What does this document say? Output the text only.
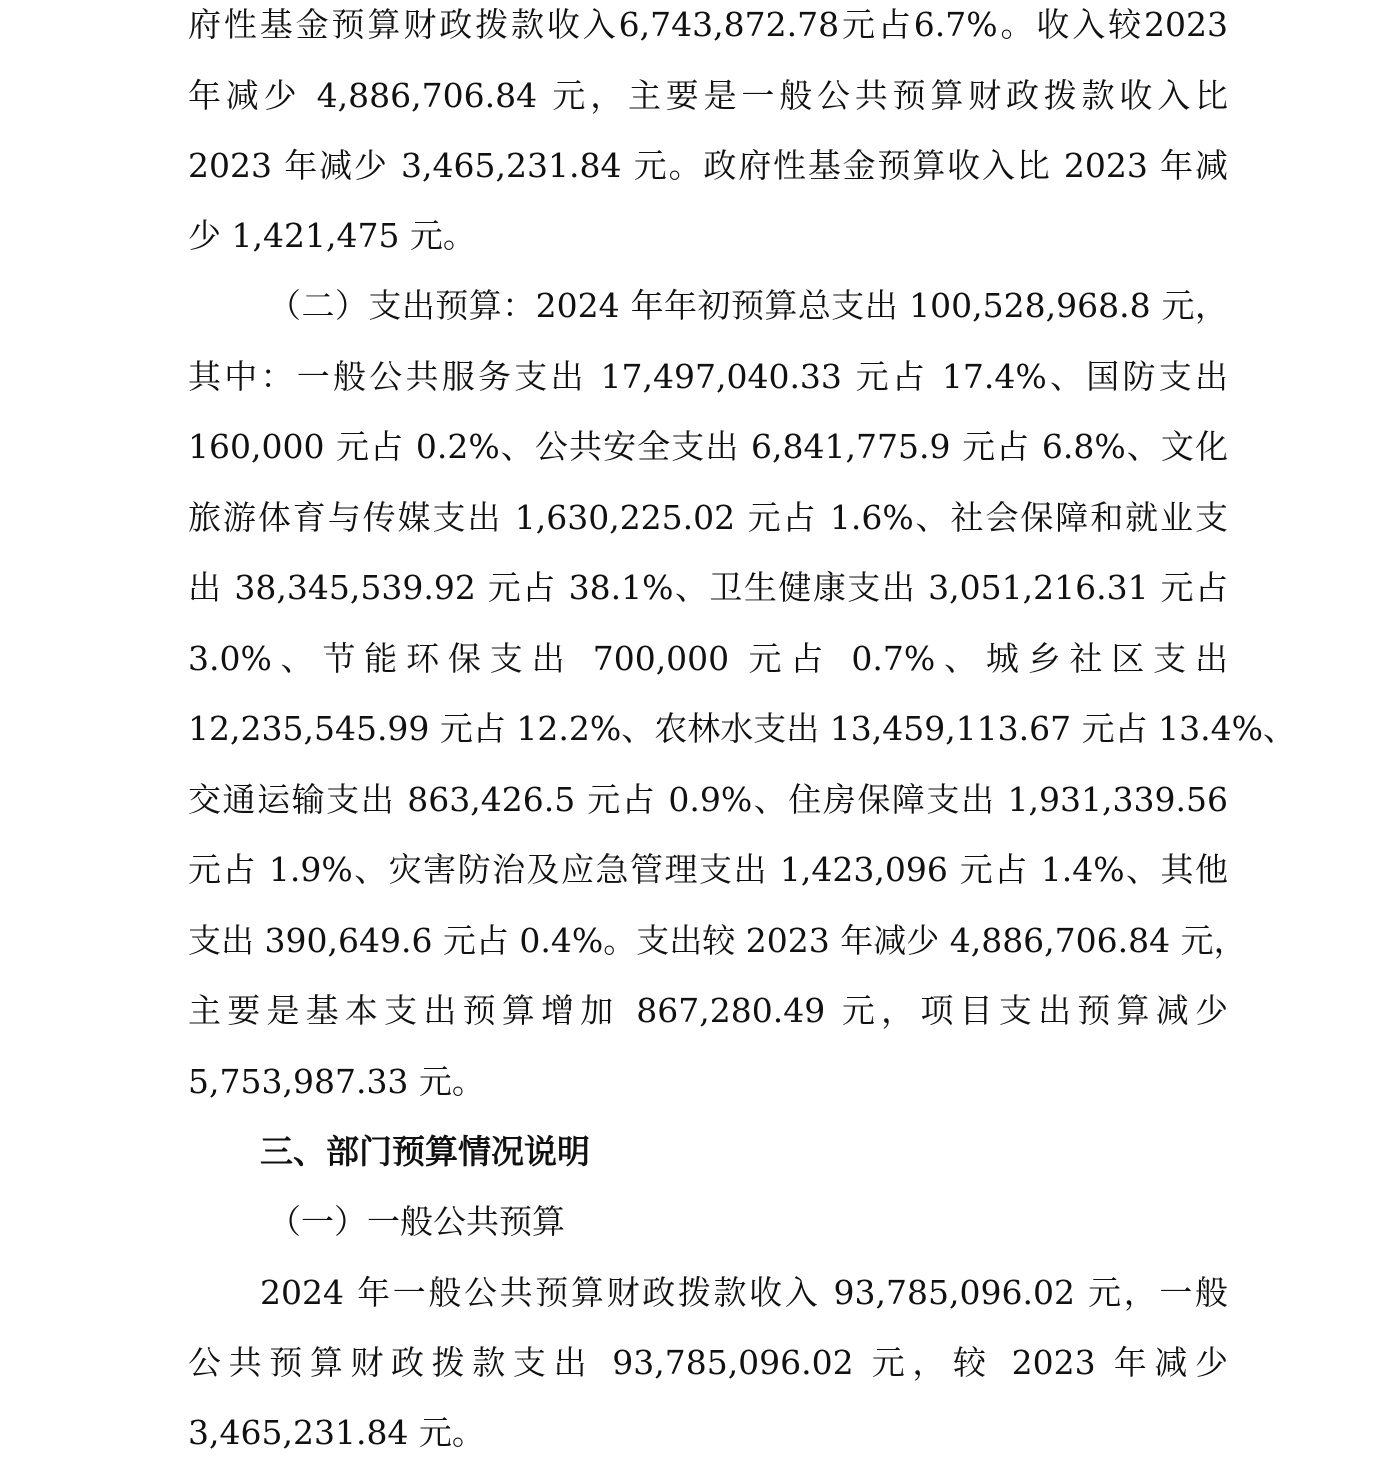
府性基金预算财政拨款收入6,743,872.78元占6.7%。收入较2023
年减少 4,886,706.84 元，主要是一般公共预算财政拨款收入比
2023 年减少 3,465,231.84 元。政府性基金预算收入比 2023 年减
少 1,421,475 元。
（二）支出预算：2024 年年初预算总支出 100,528,968.8 元，
其中：一般公共服务支出 17,497,040.33 元占 17.4%、国防支出
160,000 元占 0.2%、公共安全支出 6,841,775.9 元占 6.8%、文化
旅游体育与传媒支出 1,630,225.02 元占 1.6%、社会保障和就业支
出 38,345,539.92 元占 38.1%、卫生健康支出 3,051,216.31 元占
3.0%、节能环保支出 700,000 元占 0.7%、城乡社区支出
12,235,545.99 元占 12.2%、农林水支出 13,459,113.67 元占 13.4%、
交通运输支出 863,426.5 元占 0.9%、住房保障支出 1,931,339.56
元占 1.9%、灾害防治及应急管理支出 1,423,096 元占 1.4%、其他
支出 390,649.6 元占 0.4%。支出较 2023 年减少 4,886,706.84 元，
主要是基本支出预算增加 867,280.49 元，项目支出预算减少
5,753,987.33 元。
三、部门预算情况说明
（一）一般公共预算
2024 年一般公共预算财政拨款收入 93,785,096.02 元，一般
公共预算财政拨款支出 93,785,096.02 元，较 2023 年减少
3,465,231.84 元。
